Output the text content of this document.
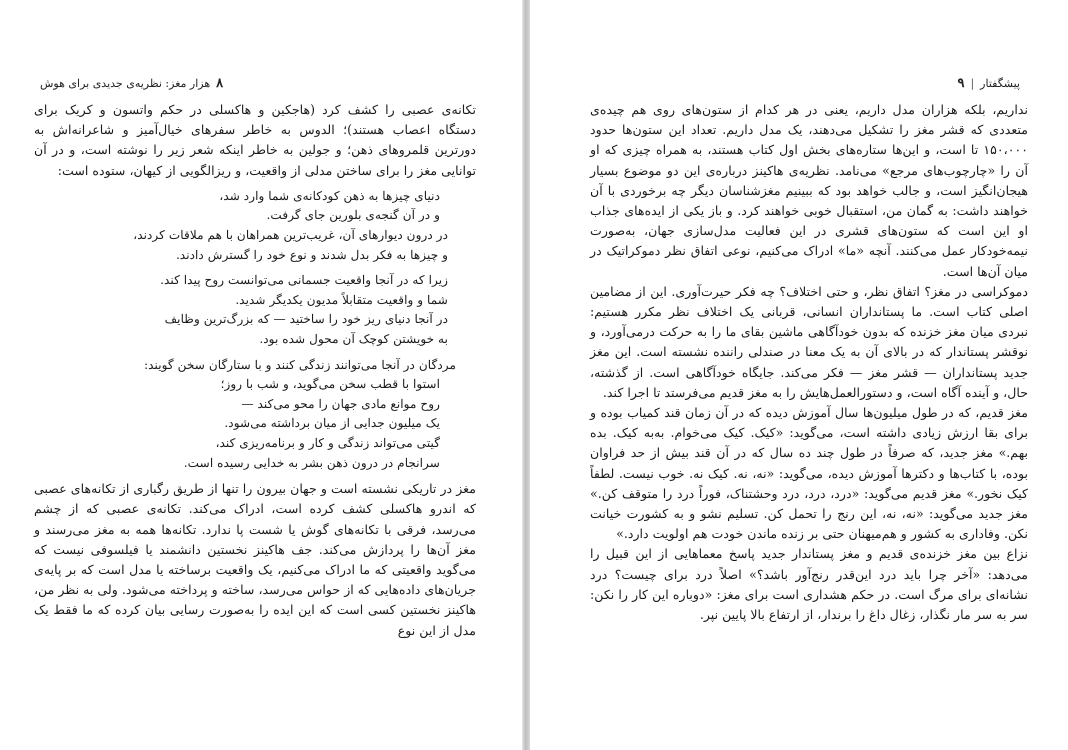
۸
هزار مغز: نظریه‌ی جدیدی برای هوش

تکانه‌ی عصبی را کشف کرد (هاجکین و هاکسلی در حکم واتسون و کریک برای دستگاه اعصاب هستند)؛ الدوس به خاطر سفرهای خیال‌آمیز و شاعرانه‌اش به دورترین قلمروهای ذهن؛ و جولین به خاطر اینکه شعر زیر را نوشته است، و در آن توانایی مغز را برای ساختن مدلی از واقعیت، و ریزالگویی از کیهان، ستوده است:

دنیای چیزها به ذهن کودکانه‌ی شما وارد شد،
و در آن گنجه‌ی بلورین جای گرفت.
در درون دیوارهای آن، غریب‌ترین همراهان با هم ملاقات کردند،
و چیزها به فکر بدل شدند و نوع خود را گسترش دادند.
زیرا که در آنجا واقعیت جسمانی می‌توانست روح پیدا کند.
شما و واقعیت متقابلاً مدیون یکدیگر شدید.
در آنجا دنیای ریز خود را ساختید — که بزرگ‌ترین وظایف
به خویشتن کوچک آن محول شده بود.
مردگان در آنجا می‌توانند زندگی کنند و با ستارگان سخن گویند:
استوا با قطب سخن می‌گوید، و شب با روز؛
روح موانع مادی جهان را محو می‌کند —
یک میلیون جدایی از میان برداشته می‌شود.
گیتی می‌تواند زندگی و کار و برنامه‌ریزی کند،
سرانجام در درون ذهن بشر به خدایی رسیده است.

مغز در تاریکی نشسته است و جهان بیرون را تنها از طریق رگباری از تکانه‌های عصبی که اندرو هاکسلی کشف کرده است، ادراک می‌کند. تکانه‌ی عصبی که از چشم می‌رسد، فرقی با تکانه‌های گوش یا شست پا ندارد. تکانه‌ها همه به مغز می‌رسند و مغز آن‌ها را پردازش می‌کند. جف هاکینز نخستین دانشمند یا فیلسوفی نیست که می‌گوید واقعیتی که ما ادراک می‌کنیم، یک واقعیت برساخته یا مدل است که بر پایه‌ی جریان‌های داده‌هایی که از حواس می‌رسد، ساخته و پرداخته می‌شود. ولی به نظر من، هاکینز نخستین کسی است که این ایده را به‌صورت رسایی بیان کرده که ما فقط یک مدل از این نوع

پیشگفتار
|
۹

نداریم، بلکه هزاران مدل داریم، یعنی در هر کدام از ستون‌های روی هم چیده‌ی متعددی که قشر مغز را تشکیل می‌دهند، یک مدل داریم. تعداد این ستون‌ها حدود ۱۵۰،۰۰۰ تا است، و این‌ها ستاره‌های بخش اول کتاب هستند، به همراه چیزی که او آن را «چارچوب‌های مرجع» می‌نامد. نظریه‌ی هاکینز درباره‌ی این دو موضوع بسیار هیجان‌انگیز است، و جالب خواهد بود که ببینیم مغزشناسان دیگر چه برخوردی با آن خواهند داشت: به گمان من، استقبال خوبی خواهند کرد. و باز یکی از ایده‌های جذاب او این است که ستون‌های قشری در این فعالیت مدل‌سازی جهان، به‌صورت نیمه‌خودکار عمل می‌کنند. آنچه «ما» ادراک می‌کنیم، نوعی اتفاق نظر دموکراتیک در میان آن‌ها است.

دموکراسی در مغز؟ اتفاق نظر، و حتی اختلاف؟ چه فکر حیرت‌آوری. این از مضامین اصلی کتاب است. ما پستانداران انسانی، قربانی یک اختلاف نظر مکرر هستیم: نبردی میان مغز خزنده که بدون خودآگاهی ماشین بقای ما را به حرکت درمی‌آورد، و نوقشر پستاندار که در بالای آن به یک معنا در صندلی راننده نشسته است. این مغز جدید پستانداران — قشر مغز — فکر می‌کند. جایگاه خودآگاهی است. از گذشته، حال، و آینده آگاه است، و دستورالعمل‌هایش را به مغز قدیم می‌فرستد تا اجرا کند.

مغز قدیم، که در طول میلیون‌ها سال آموزش دیده که در آن زمان قند کمیاب بوده و برای بقا ارزش زیادی داشته است، می‌گوید: «کیک. کیک می‌خوام. به‌به کیک. بده بهم.» مغز جدید، که صرفاً در طول چند ده سال که در آن قند بیش از حد فراوان بوده، با کتاب‌ها و دکترها آموزش دیده، می‌گوید: «نه، نه. کیک نه. خوب نیست. لطفاً کیک نخور.» مغز قدیم می‌گوید: «درد، درد، درد وحشتناک، فوراً درد را متوقف کن.» مغز جدید می‌گوید: «نه، نه، این رنج را تحمل کن. تسلیم نشو و به کشورت خیانت نکن. وفاداری به کشور و هم‌میهنان حتی بر زنده ماندن خودت هم اولویت دارد.»

نزاع بین مغز خزنده‌ی قدیم و مغز پستاندار جدید پاسخ معماهایی از این قبیل را می‌دهد: «آخر چرا باید درد این‌قدر رنج‌آور باشد؟» اصلاً درد برای چیست؟ درد نشانه‌ای برای مرگ است. در حکم هشداری است برای مغز: «دوباره این کار را نکن: سر به سر مار نگذار، زغال داغ را برندار، از ارتفاع بالا پایین نپر.
